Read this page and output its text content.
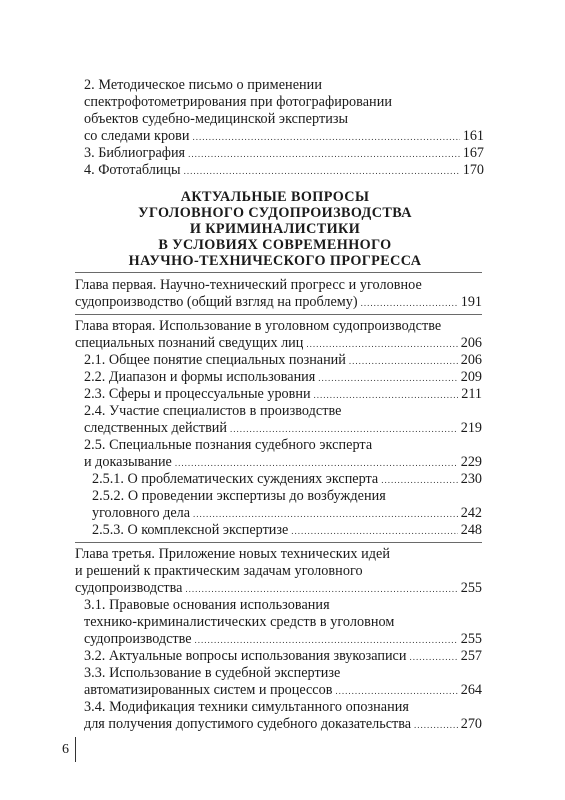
2. Методическое письмо о применении
спектрофотометрирования при фотографировании
объектов судебно-медицинской экспертизы
со следами крови .....	161
3. Библиография .....	167
4. Фототаблицы .....	170
АКТУАЛЬНЫЕ ВОПРОСЫ
УГОЛОВНОГО СУДОПРОИЗВОДСТВА
И КРИМИНАЛИСТИКИ
В УСЛОВИЯХ СОВРЕМЕННОГО
НАУЧНО-ТЕХНИЧЕСКОГО ПРОГРЕССА
Глава первая. Научно-технический прогресс и уголовное
судопроизводство (общий взгляд на проблему) .....	191
Глава вторая. Использование в уголовном судопроизводстве
специальных познаний сведущих лиц .....	206
2.1. Общее понятие специальных познаний .....	206
2.2. Диапазон и формы использования .....	209
2.3. Сферы и процессуальные уровни .....	211
2.4. Участие специалистов в производстве
следственных действий .....	219
2.5. Специальные познания судебного эксперта
и доказывание .....	229
2.5.1. О проблематических суждениях эксперта .....	230
2.5.2. О проведении экспертизы до возбуждения
уголовного дела .....	242
2.5.3. О комплексной экспертизе .....	248
Глава третья. Приложение новых технических идей
и решений к практическим задачам уголовного
судопроизводства .....	255
3.1. Правовые основания использования
технико-криминалистических средств в уголовном
судопроизводстве .....	255
3.2. Актуальные вопросы использования звукозаписи .....	257
3.3. Использование в судебной экспертизе
автоматизированных систем и процессов .....	264
3.4. Модификация техники симультанного опознания
для получения допустимого судебного доказательства .....	270
6
